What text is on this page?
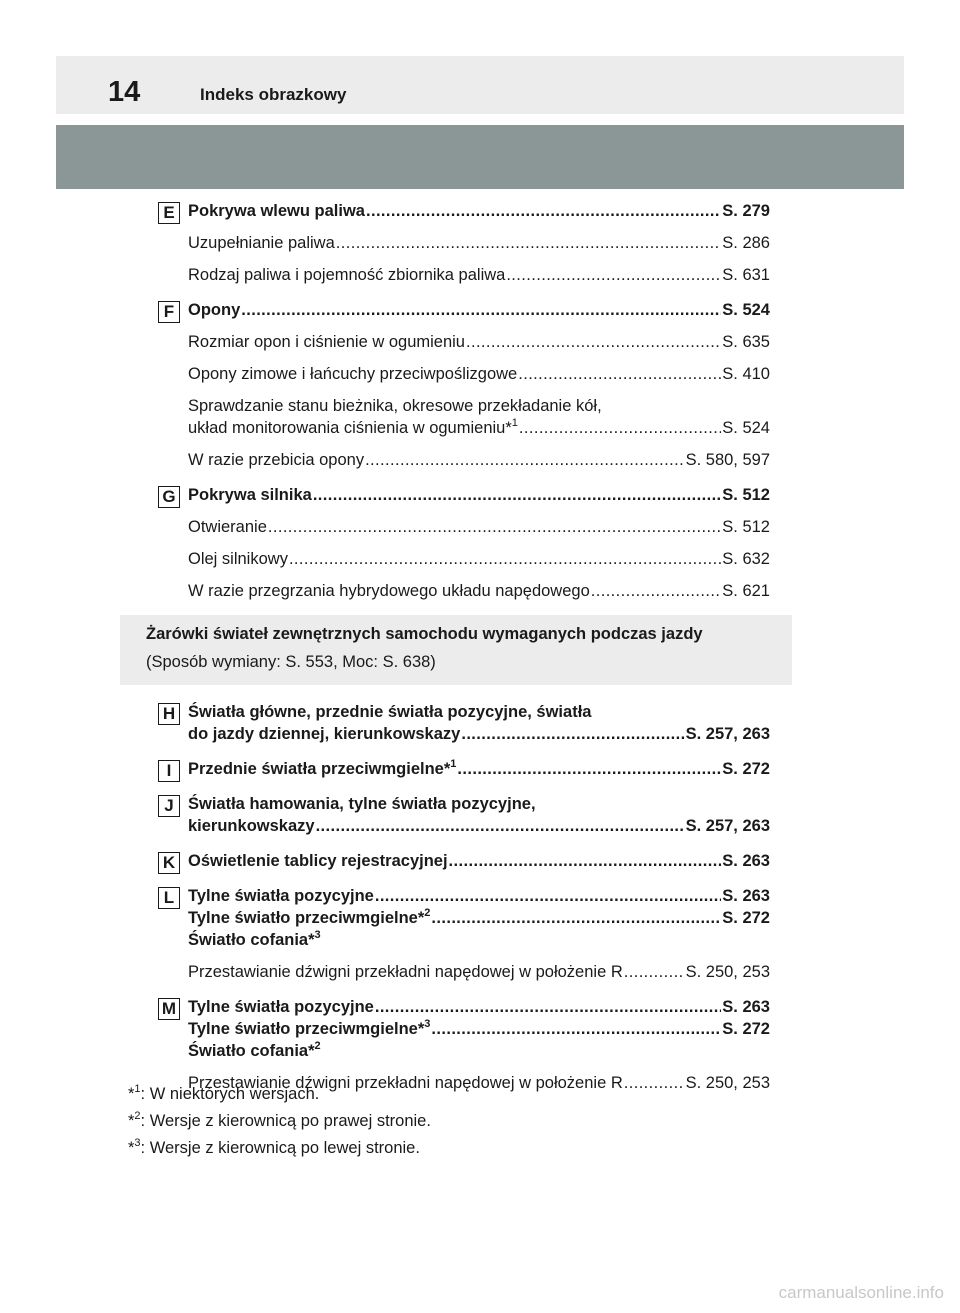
14	Indeks obrazkowy
E Pokrywa wlewu paliwa .....	S. 279
Uzupełnianie paliwa .....	S. 286
Rodzaj paliwa i pojemność zbiornika paliwa .....	S. 631
F Opony .....	S. 524
Rozmiar opon i ciśnienie w ogumieniu .....	S. 635
Opony zimowe i łańcuchy przeciwpoślizgowe .....	S. 410
Sprawdzanie stanu bieżnika, okresowe przekładanie kół,
układ monitorowania ciśnienia w ogumieniu*$^1$ .....	S. 524
W razie przebicia opony .....	S. 580, 597
G Pokrywa silnika .....	S. 512
Otwieranie .....	S. 512
Olej silnikowy .....	S. 632
W razie przegrzania hybrydowego układu napędowego .....	S. 621
Żarówki świateł zewnętrznych samochodu wymaganych podczas jazdy
(Sposób wymiany: S. 553, Moc: S. 638)
H Światła główne, przednie światła pozycyjne, światła
do jazdy dziennej, kierunkowskazy .....	S. 257, 263
I	Przednie światła przeciwmgielne*$^1$ .....	S. 272
J Światła hamowania, tylne światła pozycyjne,
kierunkowskazy .....	S. 257, 263
K Oświetlenie tablicy rejestracyjnej .....	S. 263
L Tylne światła pozycyjne .....	S. 263
Tylne światło przeciwmgielne*$^2$ .....	S. 272
Światło cofania*$^3$
Przestawianie dźwigni przekładni napędowej w położenie R .....	S. 250, 253
M Tylne światła pozycyjne .....	S. 263
Tylne światło przeciwmgielne*$^3$ .....	S. 272
Światło cofania*$^2$
Przestawianie dźwigni przekładni napędowej w położenie R .....	S. 250, 253
*$^1$: W niektórych wersjach.
*$^2$: Wersje z kierownicą po prawej stronie.
*$^3$: Wersje z kierownicą po lewej stronie.
carmanualsonline.info
